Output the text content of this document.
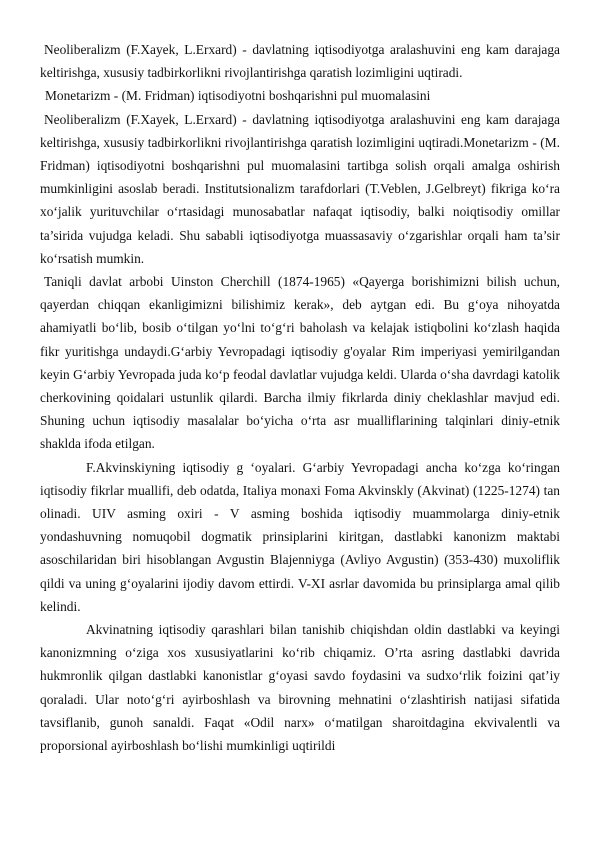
Neoliberalizm (F.Xayek, L.Erxard) - davlatning iqtisodiyotga aralashuvini eng kam darajaga keltirishga, xususiy tadbirkorlikni rivojlantirishga qaratish lozimligini uqtiradi.

Monetarizm - (M. Fridman) iqtisodiyotni boshqarishni pul muomalasini

Neoliberalizm (F.Xayek, L.Erxard) - davlatning iqtisodiyotga aralashuvini eng kam darajaga keltirishga, xususiy tadbirkorlikni rivojlantirishga qaratish lozimligini uqtiradi.Monetarizm - (M. Fridman) iqtisodiyotni boshqarishni pul muomalasini tartibga solish orqali amalga oshirish mumkinligini asoslab beradi. Institutsionalizm tarafdorlari (T.Veblen, J.Gelbreyt) fikriga ko‘ra xo‘jalik yurituvchilar o‘rtasidagi munosabatlar nafaqat iqtisodiy, balki noiqtisodiy omillar ta’sirida vujudga keladi. Shu sababli iqtisodiyotga muassasaviy o‘zgarishlar orqali ham ta’sir ko‘rsatish mumkin.

Taniqli davlat arbobi Uinston Cherchill (1874-1965) «Qayerga borishimizni bilish uchun, qayerdan chiqqan ekanligimizni bilishimiz kerak», deb aytgan edi. Bu g‘oya nihoyatda ahamiyatli bo‘lib, bosib o‘tilgan yo‘lni to‘g‘ri baholash va kelajak istiqbolini ko‘zlash haqida fikr yuritishga undaydi.G‘arbiy Yevropadagi iqtisodiy g'oyalar Rim imperiyasi yemirilgandan keyin G‘arbiy Yevropada juda ko‘p feodal davlatlar vujudga keldi. Ularda o‘sha davrdagi katolik cherkovining qoidalari ustunlik qilardi. Barcha ilmiy fikrlarda diniy cheklashlar mavjud edi. Shuning uchun iqtisodiy masalalar bo‘yicha o‘rta asr mualliflarining talqinlari diniy-etnik shaklda ifoda etilgan.

F.Akvinskiyning iqtisodiy g ‘oyalari. G‘arbiy Yevropadagi ancha ko‘zga ko‘ringan iqtisodiy fikrlar muallifi, deb odatda, Italiya monaxi Foma Akvinskly (Akvinat) (1225-1274) tan olinadi. UIV asming oxiri - V asming boshida iqtisodiy muammolarga diniy-etnik yondashuvning nomuqobil dogmatik prinsiplarini kiritgan, dastlabki kanonizm maktabi asoschilaridan biri hisoblangan Avgustin Blajenniyga (Avliyo Avgustin) (353-430) muxoliflik qildi va uning g‘oyalarini ijodiy davom ettirdi. V-XI asrlar davomida bu prinsiplarga amal qilib kelindi.

Akvinatning iqtisodiy qarashlari bilan tanishib chiqishdan oldin dastlabki va keyingi kanonizmning o‘ziga xos xususiyatlarini ko‘rib chiqamiz. O’rta asring dastlabki davrida hukmronlik qilgan dastlabki kanonistlar g‘oyasi savdo foydasini va sudxo‘rlik foizini qat’iy qoraladi. Ular noto‘g‘ri ayirboshlash va birovning mehnatini o‘zlashtirish natijasi sifatida tavsiflanib, gunoh sanaldi. Faqat «Odil narx» o‘matilgan sharoitdagina ekvivalentli va proporsional ayirboshlash bo‘lishi mumkinligi uqtirildi
